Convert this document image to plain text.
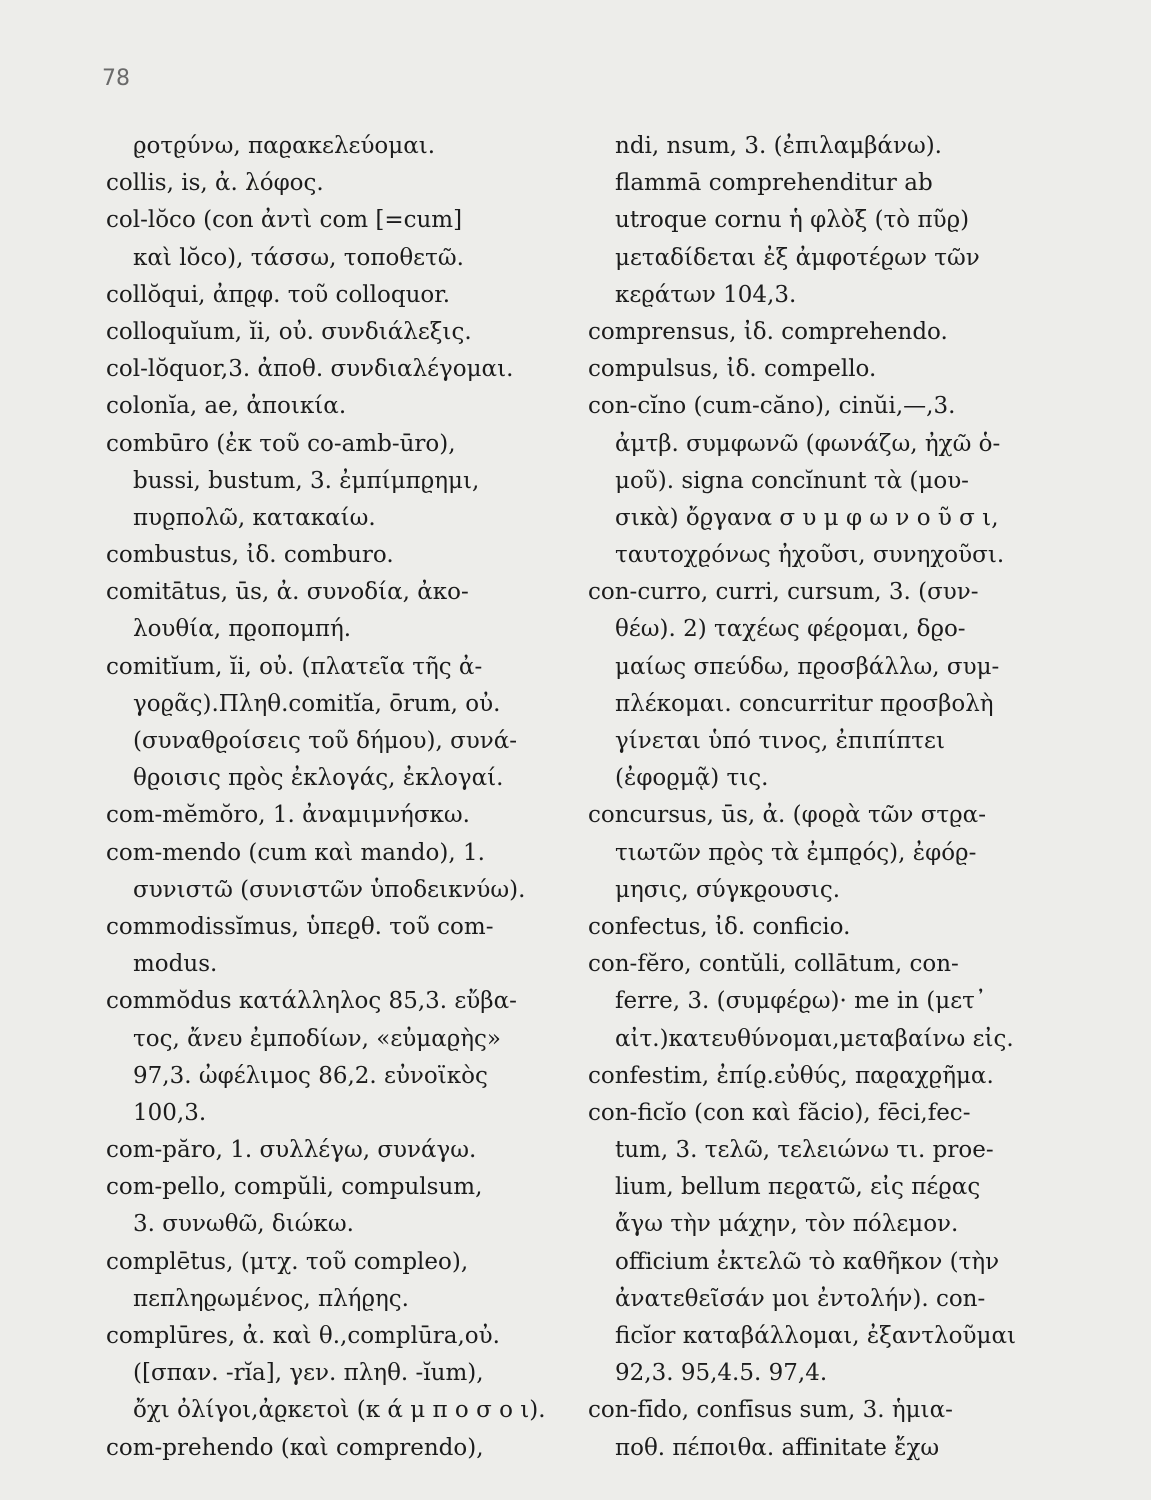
78
ϱοτϱύνω, παϱακελεύομαι.
collis, is, ἀ. λόφος.
col-lŏco (con ἀντὶ com [=cum]
καὶ lŏco), τάσσω, τοποθετῶ.
collŏqui, ἀπϱφ. τοῦ colloquor.
colloquĭum, ĭi, οὐ. συνδιάλεξις.
col-lŏquor,3. ἀποθ. συνδιαλέγομαι.
colonĭa, ae, ἀποικία.
combūro (ἐκ τοῦ co-amb-ūro),
bussi, bustum, 3. ἐμπίμπϱημι,
πυϱπολῶ, κατακαίω.
combustus, ἰδ. comburo.
comitātus, ūs, ἀ. συνοδία, ἀκο-
λουθία, πϱοπομπή.
comitĭum, ĭi, οὐ. (πλατεῖα τῆς ἀ-
γοϱᾶς).Πληθ.comitĭa, ōrum, οὐ.
(συναθϱοίσεις τοῦ δήμου), συνά-
θϱοισις πϱὸς ἐκλογάς, ἐκλογαί.
com-mĕmŏro, 1. ἀναμιμνήσκω.
com-mendo (cum καὶ mando), 1.
συνιστῶ (συνιστῶν ὑποδεικνύω).
commodissĭmus, ὑπεϱθ. τοῦ com-
modus.
commŏdus κατάλληλος 85,3. εὔβα-
τος, ἄνευ ἐμποδίων, «εὐμαϱὴς»
97,3. ὠφέλιμος 86,2. εὐνοϊκὸς
100,3.
com-păro, 1. συλλέγω, συνάγω.
com-pello, compŭli, compulsum,
3. συνωθῶ, διώκω.
complētus, (μτχ. τοῦ compleo),
πεπληϱωμένος, πλήϱης.
complūres, ἀ. καὶ θ.,complūra,οὐ.
([σπαν. -rĭa], γεν. πληθ. -ĭum),
ὄχι ὀλίγοι,ἀϱκετοὶ (κ ά μ π ο σ ο ι).
com-prehendo (καὶ comprendo),
ndi, nsum, 3. (ἐπιλαμβάνω).
flammā comprehenditur ab
utroque cornu ἡ φλὸξ (τὸ πῦϱ)
μεταδίδεται ἐξ ἀμφοτέϱων τῶν
κεϱάτων 104,3.
comprensus, ἰδ. comprehendo.
compulsus, ἰδ. compello.
con-cĭno (cum-căno), cinŭi,—,3.
ἀμτβ. συμφωνῶ (φωνάζω, ἠχῶ ὁ-
μοῦ). signa concĭnunt τὰ (μου-
σικὰ) ὄϱγανα σ υ μ φ ω ν ο ῦ σ ι,
ταυτοχϱόνως ἠχοῦσι, συνηχοῦσι.
con-curro, curri, cursum, 3. (συν-
θέω). 2) ταχέως φέϱομαι, δϱο-
μαίως σπεύδω, πϱοσβάλλω, συμ-
πλέκομαι. concurritur πϱοσβολὴ
γίνεται ὑπό τινος, ἐπιπίπτει
(ἐφοϱμᾷ) τις.
concursus, ūs, ἀ. (φοϱὰ τῶν στϱα-
τιωτῶν πϱὸς τὰ ἐμπϱός), ἐφόϱ-
μησις, σύγκϱουσις.
confectus, ἰδ. conficio.
con-fĕro, contŭli, collātum, con-
ferre, 3. (συμφέϱω)· me in (μετ᾿
αἰτ.)κατευθύνομαι,μεταβαίνω εἰς.
confestim, ἐπίϱ.εὐθύς, παϱαχϱῆμα.
con-ficĭo (con καὶ făcio), fēci,fec-
tum, 3. τελῶ, τελειώνω τι. proe-
lium, bellum πεϱατῶ, εἰς πέϱας
ἄγω τὴν μάχην, τὸν πόλεμον.
officium ἐκτελῶ τὸ καθῆκον (τὴν
ἀνατεθεῖσάν μοι ἐντολήν). con-
ficĭor καταβάλλομαι, ἐξαντλοῦμαι
92,3. 95,4.5. 97,4.
con-fīdo, confīsus sum, 3. ἡμια-
ποθ. πέποιθα. affinitate ἔχω
